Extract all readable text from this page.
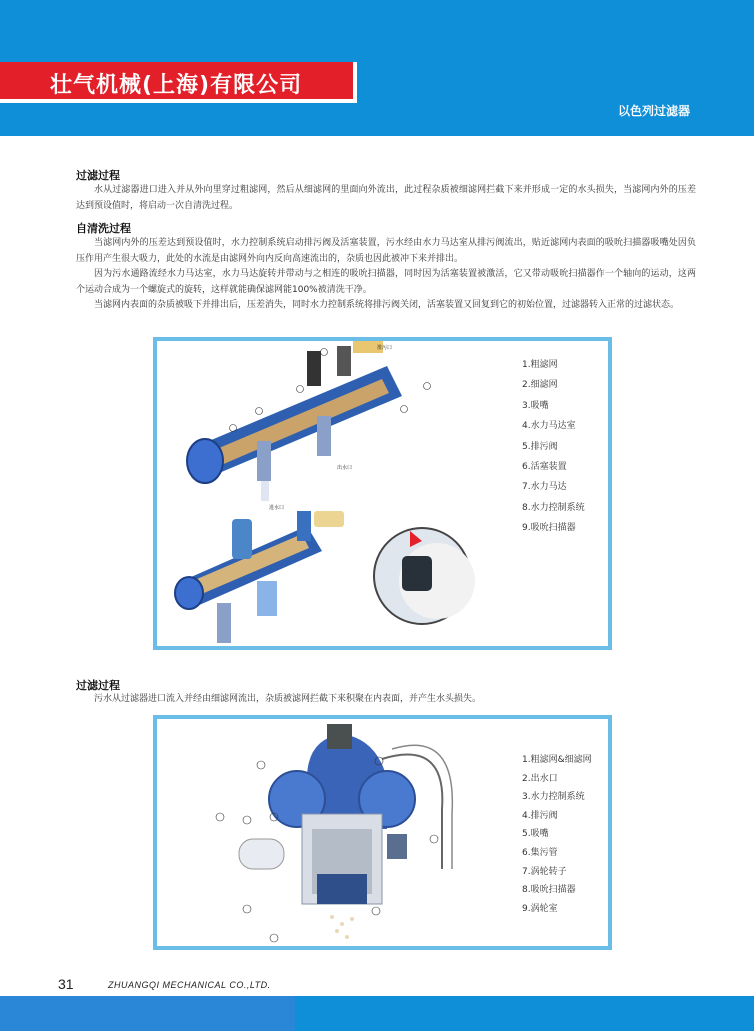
壮气机械(上海)有限公司
以色列过滤器
过滤过程

水从过滤器进口进入并从外向里穿过粗滤网，然后从细滤网的里面向外流出，此过程杂质被细滤网拦截下来并形成一定的水头损失，当滤网内外的压差达到预设值时，将启动一次自清洗过程。

自清洗过程

当滤网内外的压差达到预设值时，水力控制系统启动排污阀及活塞装置，污水经由水力马达室从排污阀流出，贴近滤网内表面的吸吮扫描器吸嘴处因负压作用产生很大吸力，此处的水流是由滤网外向内反向高速流出的，杂质也因此被冲下来并排出。

因为污水通路流经水力马达室，水力马达旋转并带动与之相连的吸吮扫描器，同时因为活塞装置被激活，它又带动吸吮扫描器作一个轴向的运动，这两个运动合成为一个螺旋式的旋转，这样就能确保滤网能100%被清洗干净。

当滤网内表面的杂质被吸下并排出后，压差消失，同时水力控制系统将排污阀关闭，活塞装置又回复到它的初始位置，过滤器转入正常的过滤状态。

排污口
出水口
进水口
1.粗滤网
2.细滤网
3.吸嘴
4.水力马达室
5.排污阀
6.活塞装置
7.水力马达
8.水力控制系统
9.吸吮扫描器
过滤过程

污水从过滤器进口流入并经由细滤网流出，杂质被滤网拦截下来积聚在内表面，并产生水头损失。

1.粗滤网&细滤网
2.出水口
3.水力控制系统
4.排污阀
5.吸嘴
6.集污管
7.涡轮转子
8.吸吮扫描器
9.涡轮室
31	ZHUANGQI MECHANICAL CO.,LTD.
